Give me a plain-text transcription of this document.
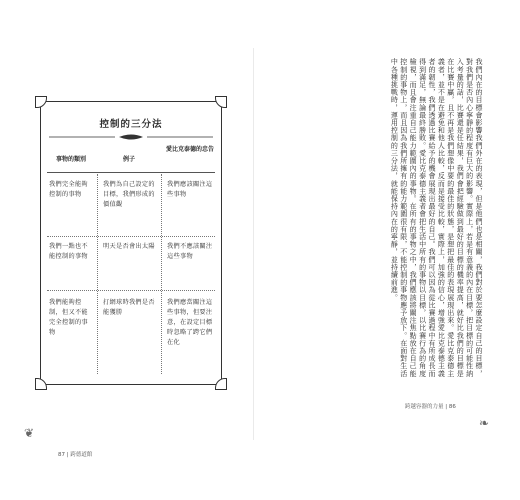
控制的三分法
事物的類別	例子
愛比克泰德的忠告
我們完全能夠控制的事物
我們為自己設定的目標，我們形成的價值觀
我們應該關注這些事物
我們一點也不能控制的事物
明天是否會出太陽	我們不應該關注這些事物
我們能夠控制，但又不能完全控制的事物
打網球時我們是否能獲勝
我們應當關注這些事物，但要注意，在設定目標時忽略了跨它們在化
87 | 跨德道館
❦
我們內在的目標會影響我們外在的表現，但是他們也是相關，我們對於要怎麼設定自己的目標，對我們是否內心寧靜的程度有巨大的影響。實際上，若是有意義的內在目標，把目標的可能性納入考量的話，比賽還是任結果，我們會把經驗做到最好的目標的機率提高，就好比我們的目標是在比賽中贏，且不再是我們想像中要的最佳的狀態，是想把最佳的表現展現出來。愛比克泰德主義者，並不是在避免和他人比較，反而是接受比較，實際上，加強的信心，增強愛比克泰德主義者的韌性，我們透過比賽給予的機會展現出最好的自己。我們可以因為從比賽過程中有所成長而得到滿足，無論最終勝敗。愛比克泰德主義者會把生活中所有的事物以目標，以比賽行為的角度檢視，而且會注重自己能力範圍內的事物。在所有的事物之中，我們應該將關注焦點放在自己能控制的事物上，而且因為我們所擁有的能力範圍很有限，不能控制的事物應予放下。在面對生活中各種挑戰時，運用控制的三分法，就能保持內在的寧靜，並持續前進。
跨越容器的力量 | 86
❧
